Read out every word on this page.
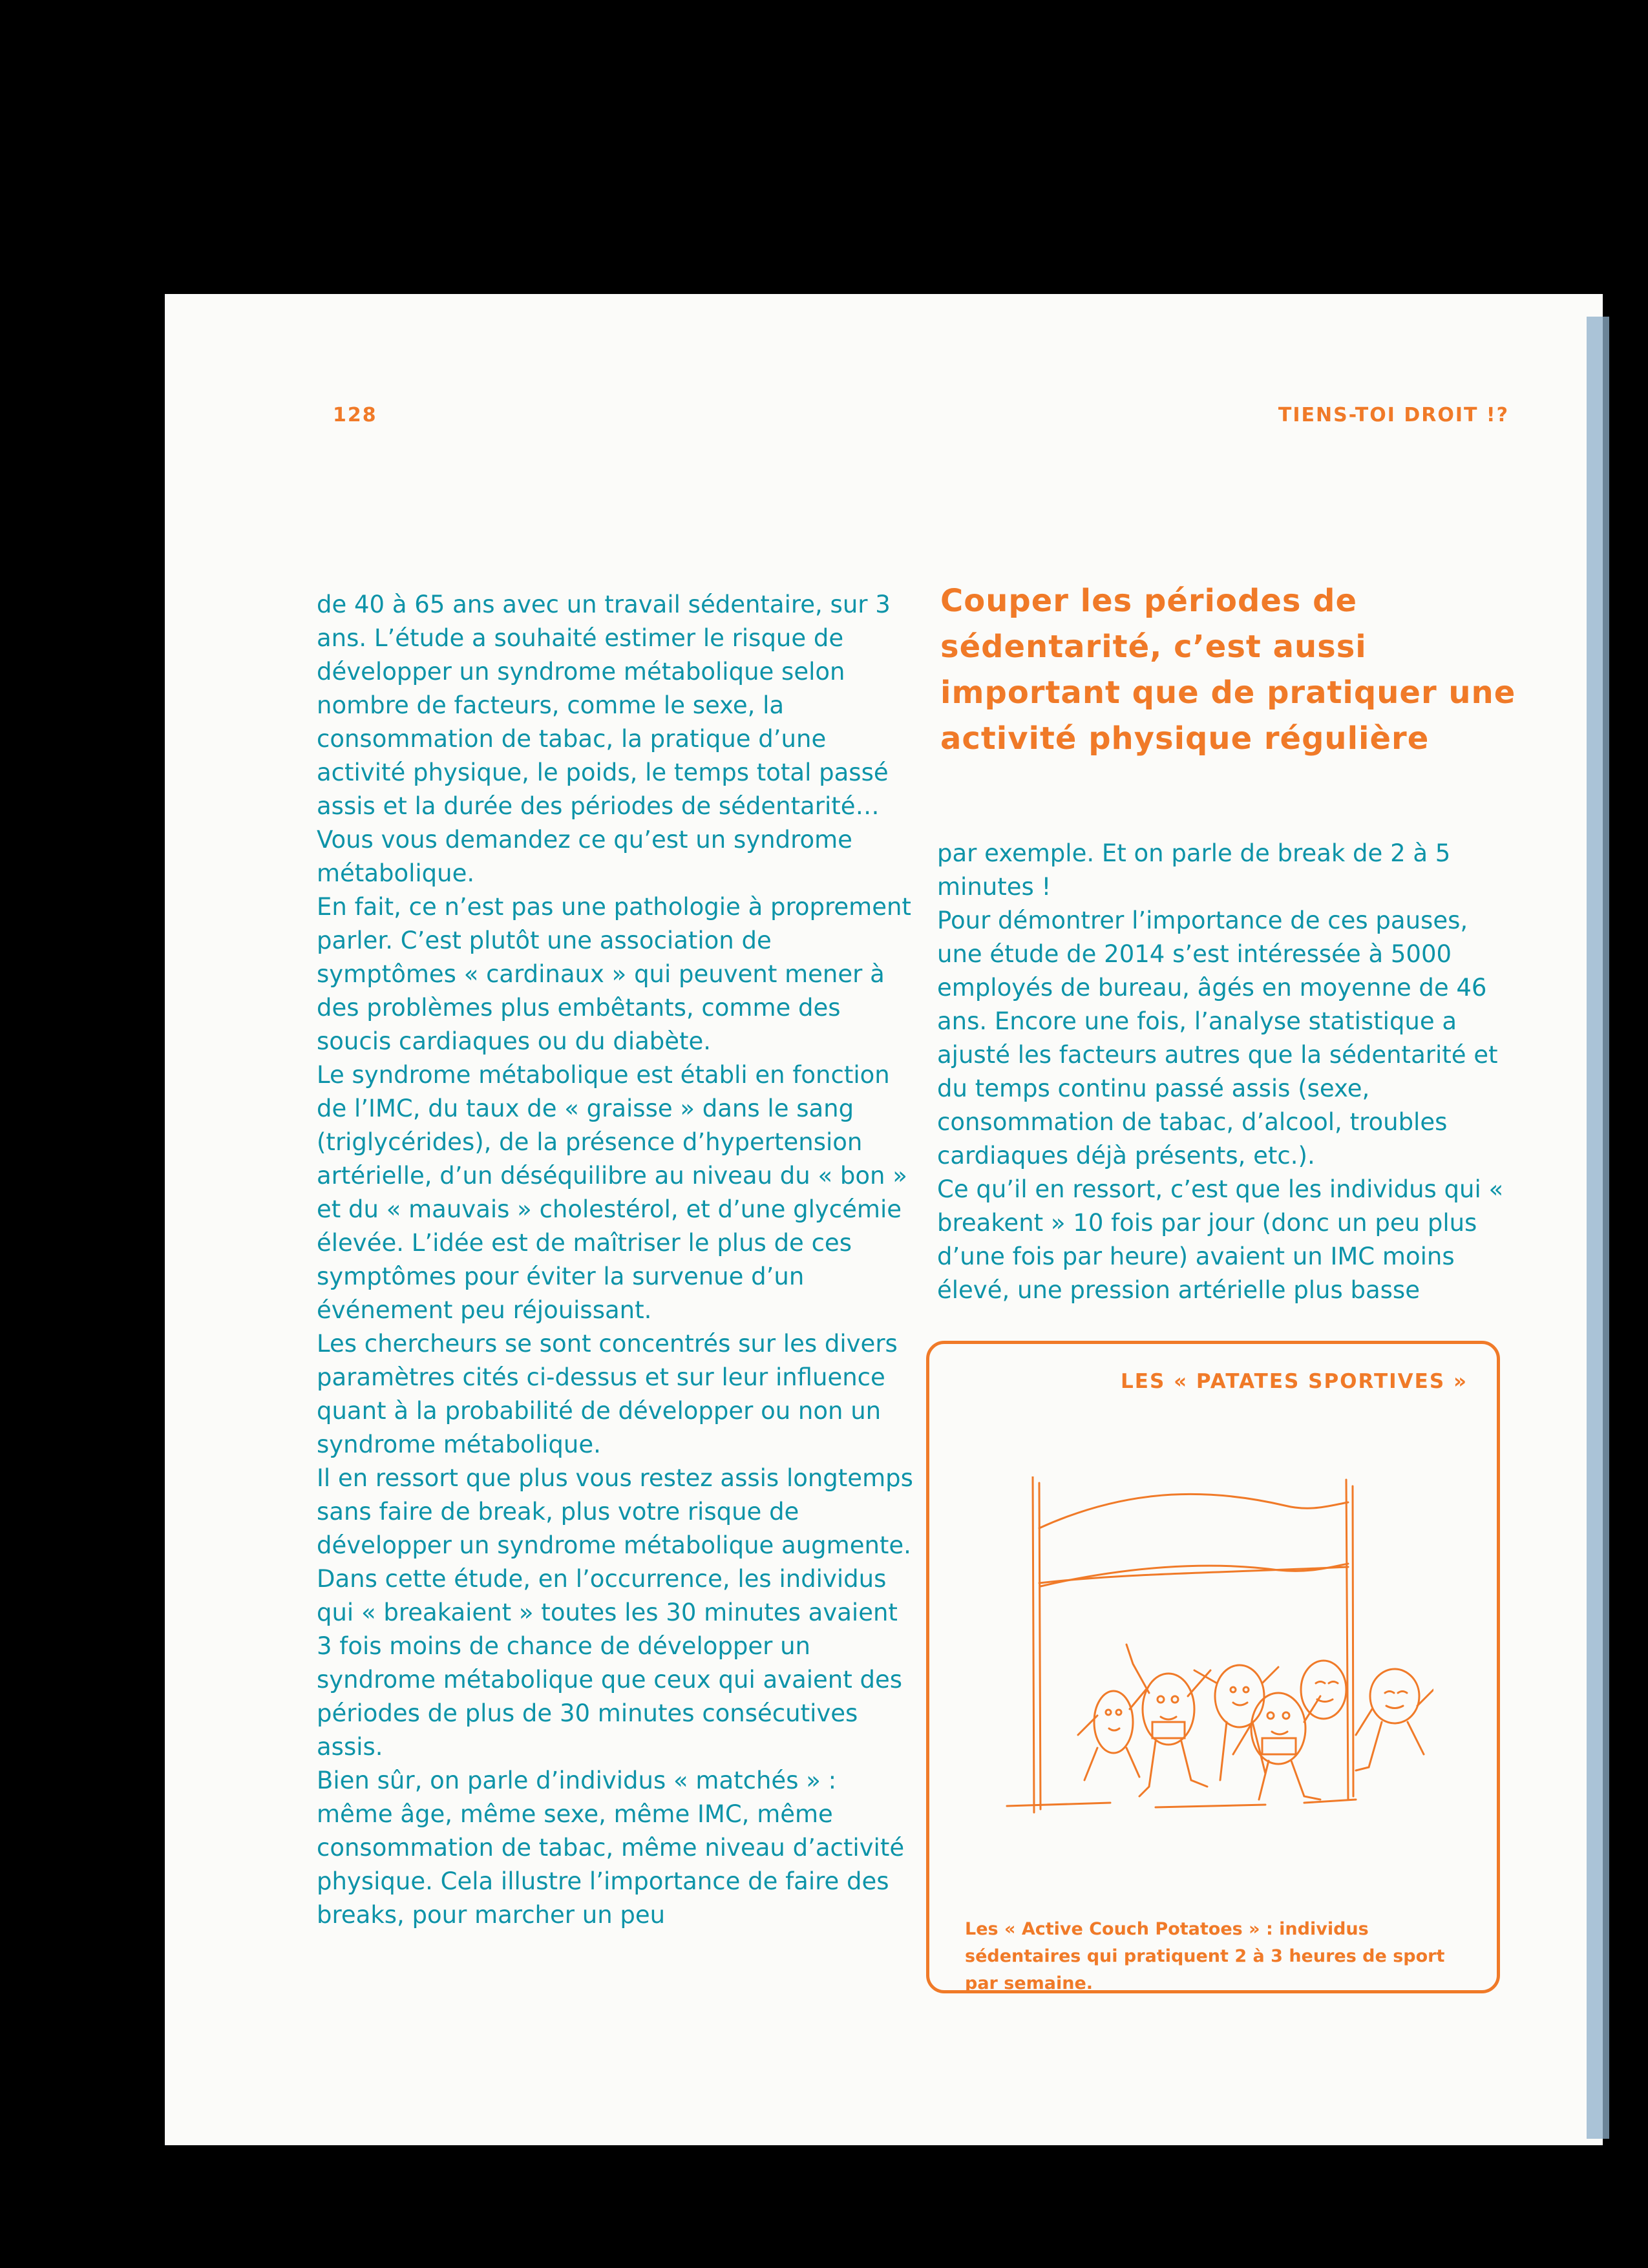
128	TIENS-TOI DROIT !?

de 40 à 65 ans avec un travail sédentaire, sur 3 ans. L’étude a souhaité estimer le risque de développer un syndrome métabolique selon nombre de facteurs, comme le sexe, la consommation de tabac, la pratique d’une activité physique, le poids, le temps total passé assis et la durée des périodes de sédentarité… Vous vous demandez ce qu’est un syndrome métabolique.

En fait, ce n’est pas une pathologie à proprement parler. C’est plutôt une association de symptômes « cardinaux » qui peuvent mener à des problèmes plus embêtants, comme des soucis cardiaques ou du diabète.

Le syndrome métabolique est établi en fonction de l’IMC, du taux de « graisse » dans le sang (triglycérides), de la présence d’hypertension artérielle, d’un déséquilibre au niveau du « bon » et du « mauvais » cholestérol, et d’une glycémie élevée. L’idée est de maîtriser le plus de ces symptômes pour éviter la survenue d’un événement peu réjouissant.

Les chercheurs se sont concentrés sur les divers paramètres cités ci-dessus et sur leur influence quant à la probabilité de développer ou non un syndrome métabolique.

Il en ressort que plus vous restez assis longtemps sans faire de break, plus votre risque de développer un syndrome métabolique augmente. Dans cette étude, en l’occurrence, les individus qui « breakaient » toutes les 30 minutes avaient 3 fois moins de chance de développer un syndrome métabolique que ceux qui avaient des périodes de plus de 30 minutes consécutives assis.

Bien sûr, on parle d’individus « matchés » : même âge, même sexe, même IMC, même consommation de tabac, même niveau d’activité physique. Cela illustre l’importance de faire des breaks, pour marcher un peu

Couper les périodes de sédentarité, c’est aussi important que de pratiquer une activité physique régulière

par exemple. Et on parle de break de 2 à 5 minutes !

Pour démontrer l’importance de ces pauses, une étude de 2014 s’est intéressée à 5000 employés de bureau, âgés en moyenne de 46 ans. Encore une fois, l’analyse statistique a ajusté les facteurs autres que la sédentarité et du temps continu passé assis (sexe, consommation de tabac, d’alcool, troubles cardiaques déjà présents, etc.).

Ce qu’il en ressort, c’est que les individus qui « breakent » 10 fois par jour (donc un peu plus d’une fois par heure) avaient un IMC moins élevé, une pression artérielle plus basse

LES « PATATES SPORTIVES »
Les « Active Couch Potatoes » : individus sédentaires qui pratiquent 2 à 3 heures de sport par semaine.
